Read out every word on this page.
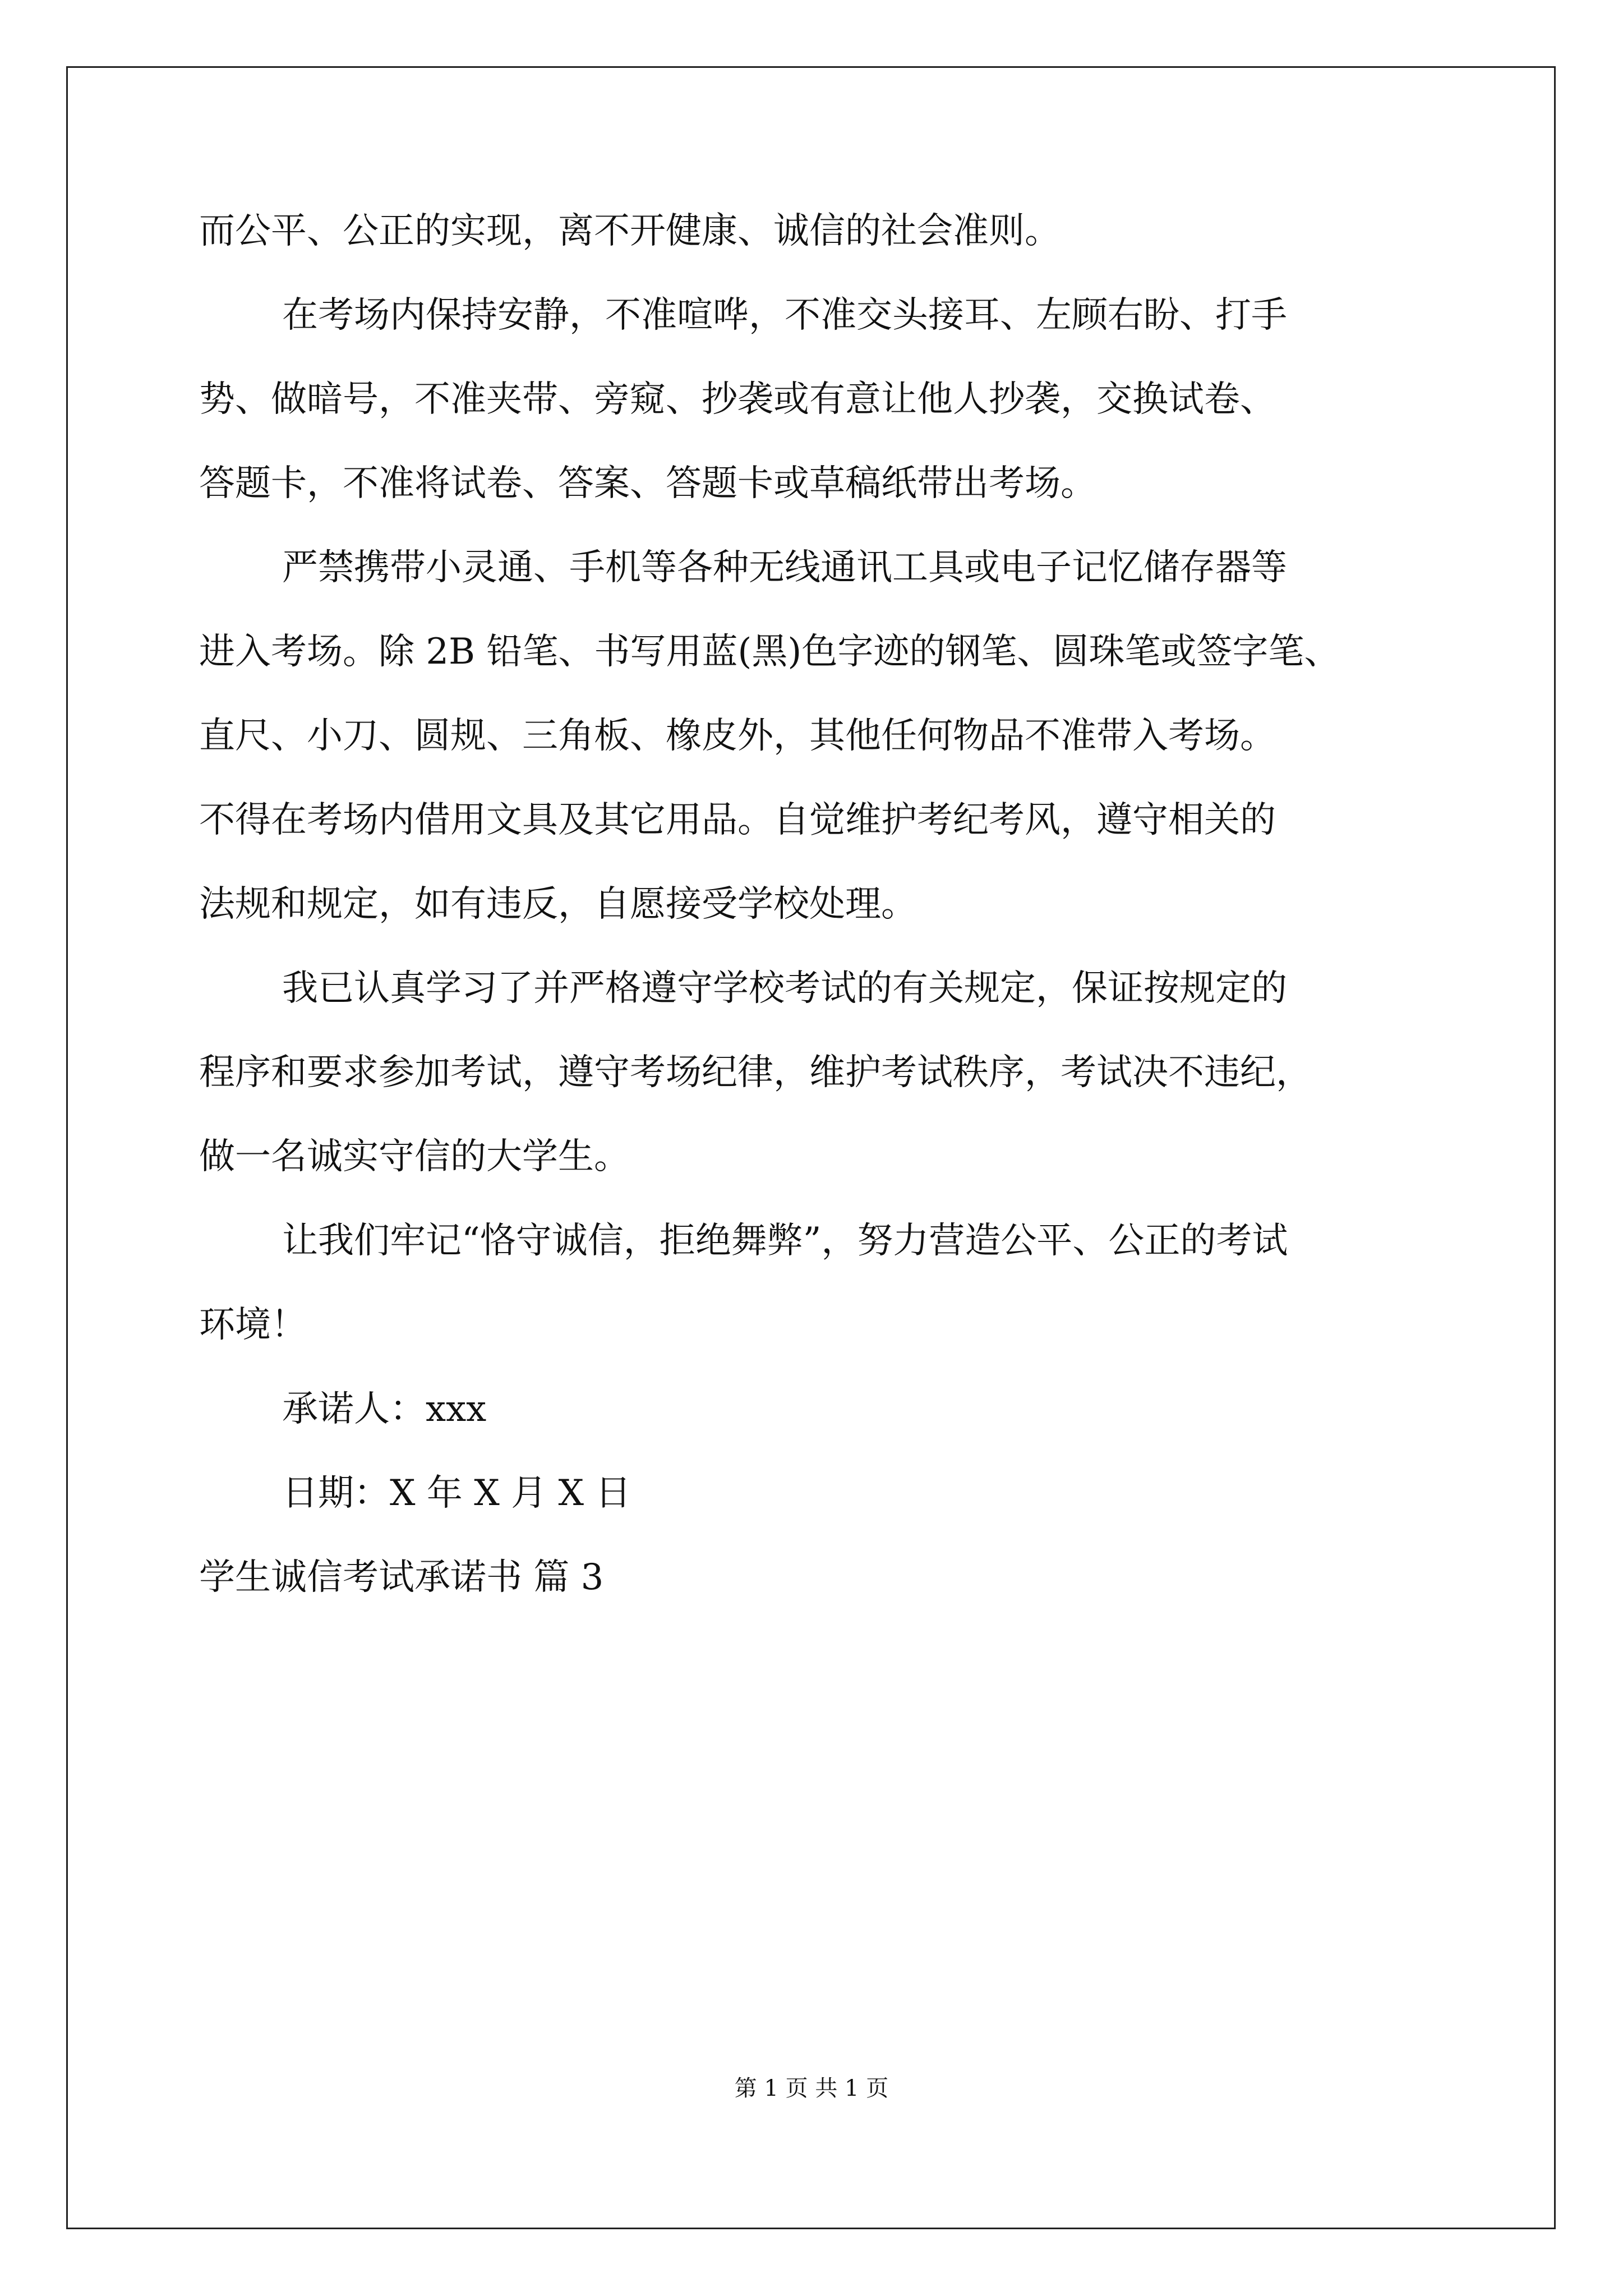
而公平、公正的实现，离不开健康、诚信的社会准则。
在考场内保持安静，不准喧哗，不准交头接耳、左顾右盼、打手
势、做暗号，不准夹带、旁窥、抄袭或有意让他人抄袭，交换试卷、
答题卡，不准将试卷、答案、答题卡或草稿纸带出考场。
严禁携带小灵通、手机等各种无线通讯工具或电子记忆储存器等
进入考场。除 2B 铅笔、书写用蓝(黑)色字迹的钢笔、圆珠笔或签字笔、
直尺、小刀、圆规、三角板、橡皮外，其他任何物品不准带入考场。
不得在考场内借用文具及其它用品。自觉维护考纪考风，遵守相关的
法规和规定，如有违反，自愿接受学校处理。
我已认真学习了并严格遵守学校考试的有关规定，保证按规定的
程序和要求参加考试，遵守考场纪律，维护考试秩序，考试决不违纪，
做一名诚实守信的大学生。
让我们牢记“恪守诚信，拒绝舞弊”，努力营造公平、公正的考试
环境！
承诺人：xxx
日期：X 年 X 月 X 日
学生诚信考试承诺书 篇 3
第 1 页 共 1 页
